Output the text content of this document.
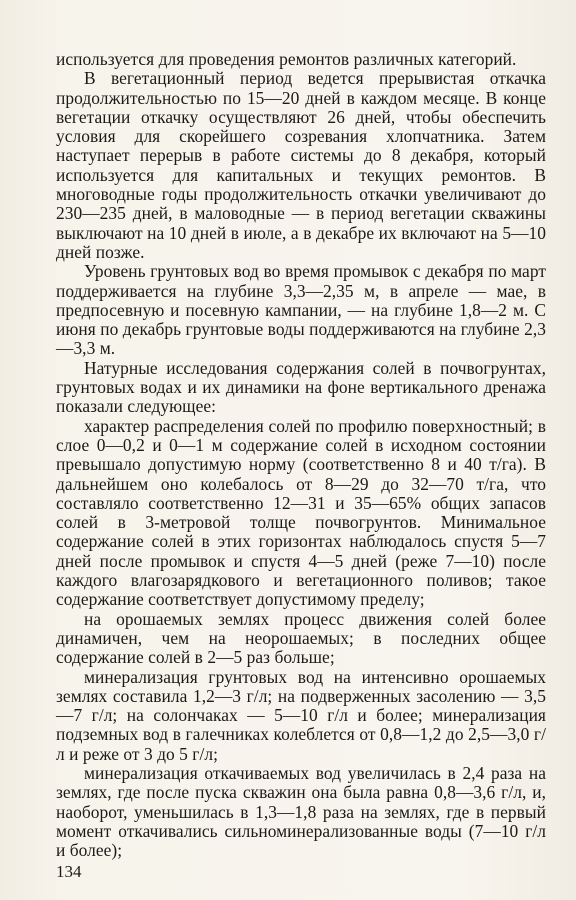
используется для проведения ремонтов различных категорий.

В вегетационный период ведется прерывистая откачка продолжительностью по 15—20 дней в каждом месяце. В конце вегетации откачку осуществляют 26 дней, чтобы обеспечить условия для скорейшего созревания хлопчатника. Затем наступает перерыв в работе системы до 8 декабря, который используется для капитальных и текущих ремонтов. В многоводные годы продолжительность откачки увеличивают до 230—235 дней, в маловодные — в период вегетации скважины выключают на 10 дней в июле, а в декабре их включают на 5—10 дней позже.

Уровень грунтовых вод во время промывок с декабря по март поддерживается на глубине 3,3—2,35 м, в апреле — мае, в предпосевную и посевную кампании, — на глубине 1,8—2 м. С июня по декабрь грунтовые воды поддерживаются на глубине 2,3—3,3 м.

Натурные исследования содержания солей в почвогрунтах, грунтовых водах и их динамики на фоне вертикального дренажа показали следующее:

характер распределения солей по профилю поверхностный; в слое 0—0,2 и 0—1 м содержание солей в исходном состоянии превышало допустимую норму (соответственно 8 и 40 т/га). В дальнейшем оно колебалось от 8—29 до 32—70 т/га, что составляло соответственно 12—31 и 35—65% общих запасов солей в 3-метровой толще почвогрунтов. Минимальное содержание солей в этих горизонтах наблюдалось спустя 5—7 дней после промывок и спустя 4—5 дней (реже 7—10) после каждого влагозарядкового и вегетационного поливов; такое содержание соответствует допустимому пределу;

на орошаемых землях процесс движения солей более динамичен, чем на неорошаемых; в последних общее содержание солей в 2—5 раз больше;

минерализация грунтовых вод на интенсивно орошаемых землях составила 1,2—3 г/л; на подверженных засолению — 3,5—7 г/л; на солончаках — 5—10 г/л и более; минерализация подземных вод в галечниках колеблется от 0,8—1,2 до 2,5—3,0 г/л и реже от 3 до 5 г/л;

минерализация откачиваемых вод увеличилась в 2,4 раза на землях, где после пуска скважин она была равна 0,8—3,6 г/л, и, наоборот, уменьшилась в 1,3—1,8 раза на землях, где в первый момент откачивались сильноминерализованные воды (7—10 г/л и более);

134
